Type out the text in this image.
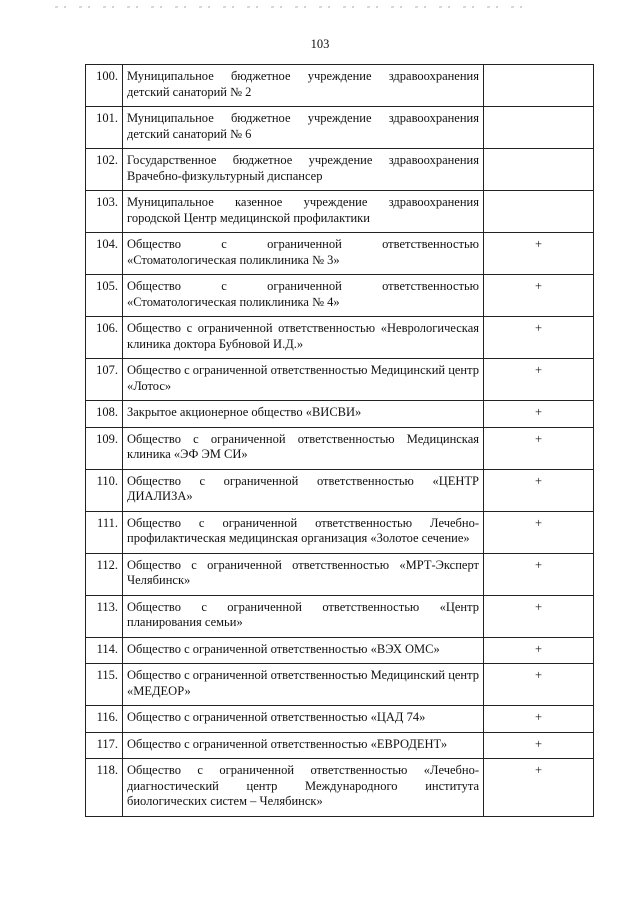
103
100.	Муниципальное бюджетное учреждение здравоохранения детский санаторий № 2	
101.	Муниципальное бюджетное учреждение здравоохранения детский санаторий № 6	
102.	Государственное бюджетное учреждение здравоохранения Врачебно-физкультурный диспансер	
103.	Муниципальное казенное учреждение здравоохранения городской Центр медицинской профилактики	
104.	Общество с ограниченной ответственностью «Стоматологическая поликлиника № 3»	+
105.	Общество с ограниченной ответственностью «Стоматологическая поликлиника № 4»	+
106.	Общество с ограниченной ответственностью «Неврологическая клиника доктора Бубновой И.Д.»	+
107.	Общество с ограниченной ответственностью Медицинский центр «Лотос»	+
108.	Закрытое акционерное общество «ВИСВИ»	+
109.	Общество с ограниченной ответственностью Медицинская клиника «ЭФ ЭМ СИ»	+
110.	Общество с ограниченной ответственностью «ЦЕНТР ДИАЛИЗА»	+
111.	Общество с ограниченной ответственностью Лечебно-профилактическая медицинская организация «Золотое сечение»	+
112.	Общество с ограниченной ответственностью «МРТ-Эксперт Челябинск»	+
113.	Общество с ограниченной ответственностью «Центр планирования семьи»	+
114.	Общество с ограниченной ответственностью «ВЭХ ОМС»	+
115.	Общество с ограниченной ответственностью Медицинский центр «МЕДЕОР»	+
116.	Общество с ограниченной ответственностью «ЦАД 74»	+
117.	Общество с ограниченной ответственностью «ЕВРОДЕНТ»	+
118.	Общество с ограниченной ответственностью «Лечебно-диагностический центр Международного института биологических систем – Челябинск»	+
